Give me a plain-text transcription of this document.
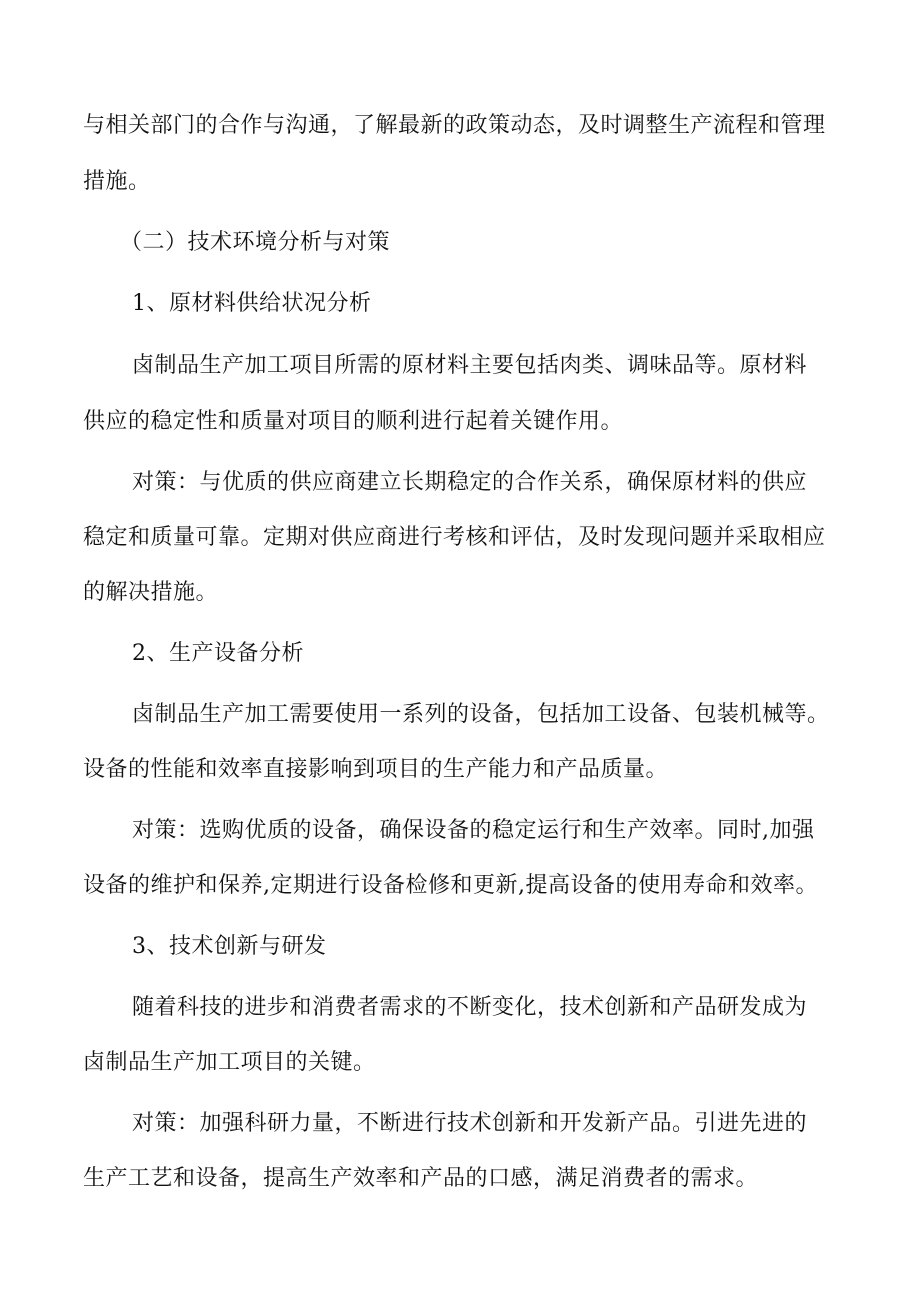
与相关部门的合作与沟通，了解最新的政策动态，及时调整生产流程和管理
措施。
（二）技术环境分析与对策
1、原材料供给状况分析
卤制品生产加工项目所需的原材料主要包括肉类、调味品等。原材料
供应的稳定性和质量对项目的顺利进行起着关键作用。
对策：与优质的供应商建立长期稳定的合作关系，确保原材料的供应
稳定和质量可靠。定期对供应商进行考核和评估，及时发现问题并采取相应
的解决措施。
2、生产设备分析
卤制品生产加工需要使用一系列的设备，包括加工设备、包装机械等。
设备的性能和效率直接影响到项目的生产能力和产品质量。
对策：选购优质的设备，确保设备的稳定运行和生产效率。同时,加强
设备的维护和保养,定期进行设备检修和更新,提高设备的使用寿命和效率。
3、技术创新与研发
随着科技的进步和消费者需求的不断变化，技术创新和产品研发成为
卤制品生产加工项目的关键。
对策：加强科研力量，不断进行技术创新和开发新产品。引进先进的
生产工艺和设备，提高生产效率和产品的口感，满足消费者的需求。
